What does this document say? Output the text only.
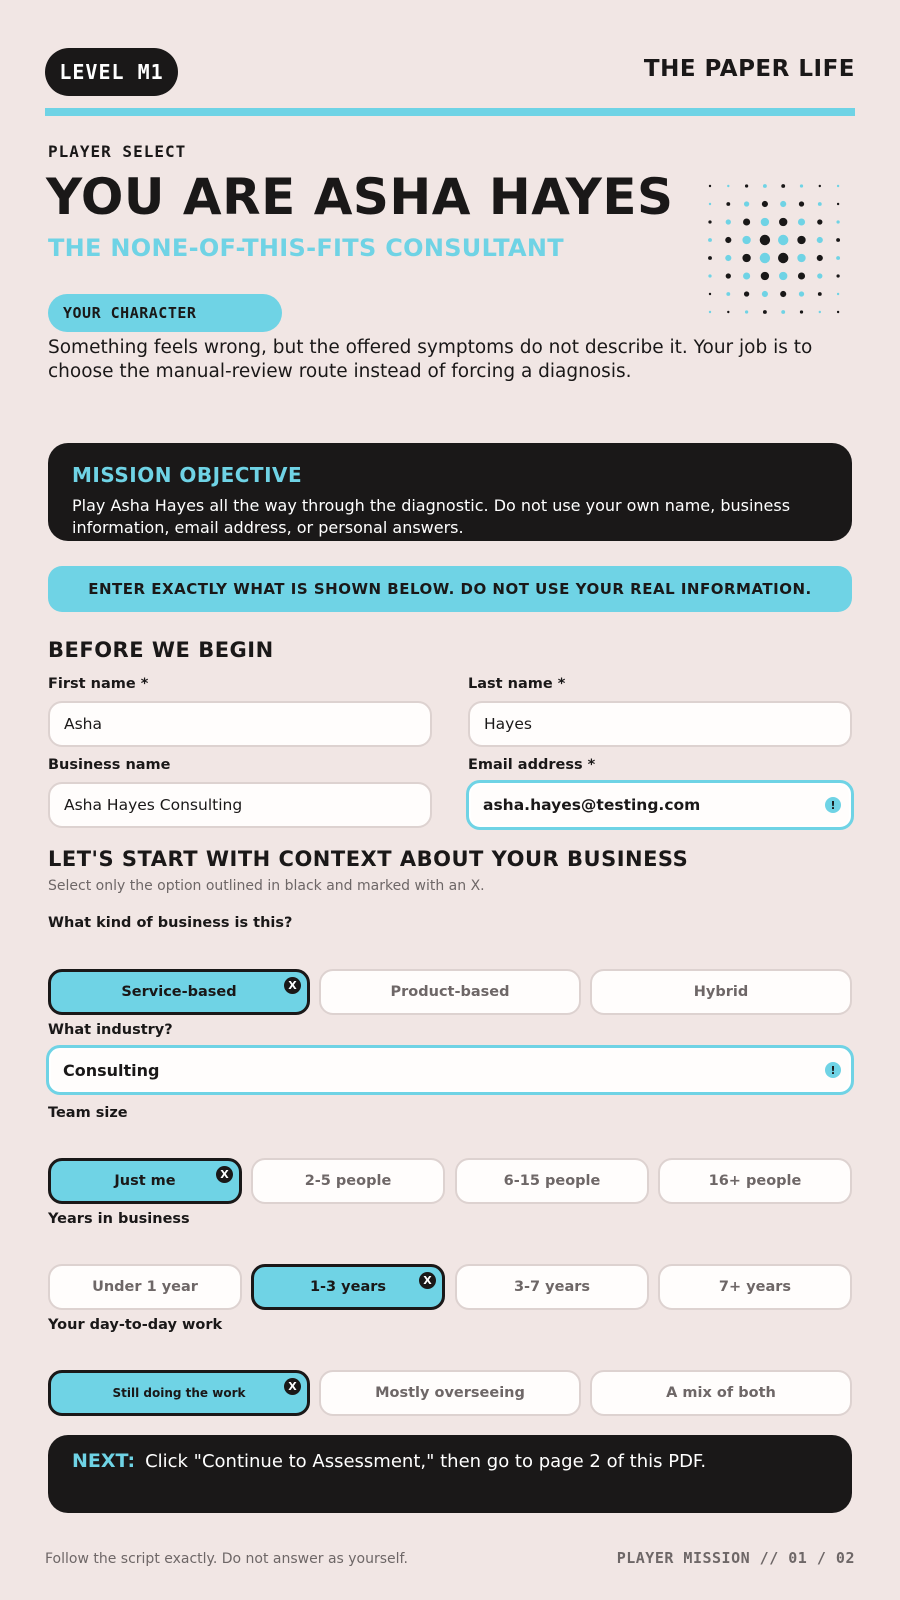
LEVEL M1	THE PAPER LIFE
PLAYER SELECT
YOU ARE ASHA HAYES
THE NONE-OF-THIS-FITS CONSULTANT
YOUR CHARACTER
Something feels wrong, but the offered symptoms do not describe it. Your job is to choose the manual-review route instead of forcing a diagnosis.
MISSION OBJECTIVE
Play Asha Hayes all the way through the diagnostic. Do not use your own name, business information, email address, or personal answers.
ENTER EXACTLY WHAT IS SHOWN BELOW. DO NOT USE YOUR REAL INFORMATION.
BEFORE WE BEGIN
First name *
Asha
Last name *
Hayes
Business name
Asha Hayes Consulting
Email address *
asha.hayes@testing.com	!
LET'S START WITH CONTEXT ABOUT YOUR BUSINESS
Select only the option outlined in black and marked with an X.
What kind of business is this?
Service-based	X	Product-based	Hybrid
What industry?
Consulting	!
Team size
Just me	X	2-5 people	6-15 people	16+ people
Years in business
Under 1 year	1-3 years	X	3-7 years	7+ years
Your day-to-day work
Still doing the work	X	Mostly overseeing	A mix of both
NEXT: Click "Continue to Assessment," then go to page 2 of this PDF.
Follow the script exactly. Do not answer as yourself.	PLAYER MISSION // 01 / 02
